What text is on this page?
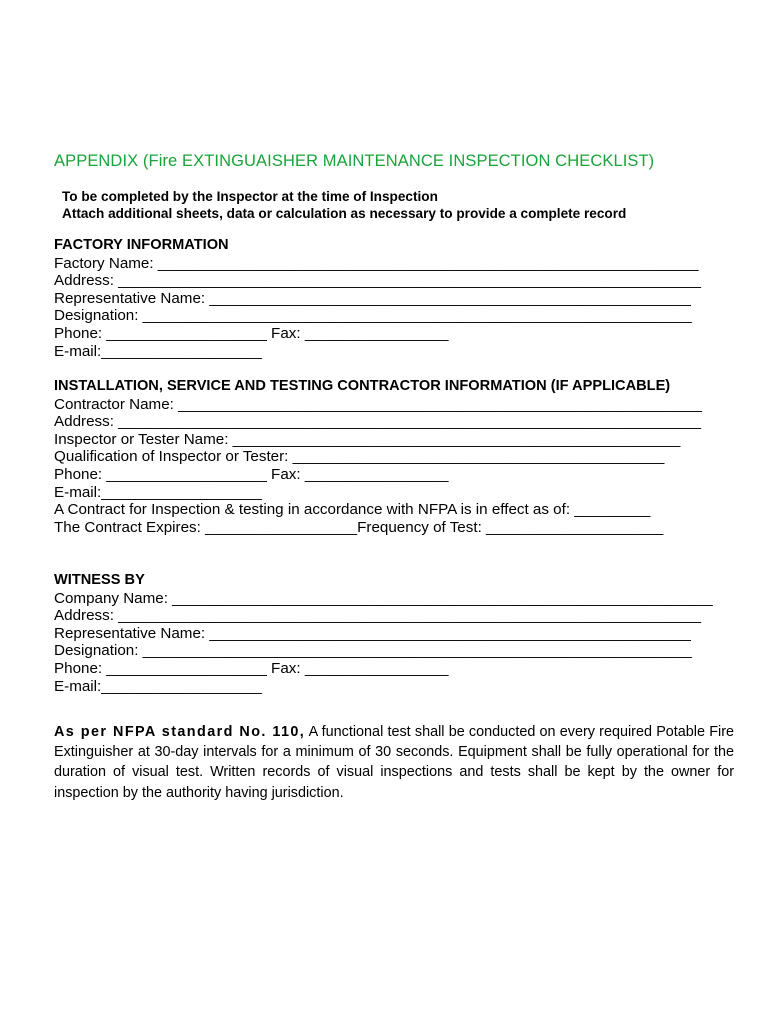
APPENDIX (Fire EXTINGUAISHER MAINTENANCE INSPECTION CHECKLIST)
To be completed by the Inspector at the time of Inspection
Attach additional sheets, data or calculation as necessary to provide a complete record
FACTORY INFORMATION
Factory Name: ________________________________________________________________
Address: _____________________________________________________________________
Representative Name: _________________________________________________________
Designation: _________________________________________________________________
Phone: ___________________ Fax: _________________
E-mail:___________________
INSTALLATION, SERVICE AND TESTING CONTRACTOR INFORMATION (IF APPLICABLE)
Contractor Name: ______________________________________________________________
Address: _____________________________________________________________________
Inspector or Tester Name: _____________________________________________________
Qualification of Inspector or Tester: ____________________________________________
Phone: ___________________ Fax: _________________
E-mail:___________________
A Contract for Inspection & testing in accordance with NFPA is in effect as of: _________
The Contract Expires: __________________Frequency of Test: _____________________
WITNESS BY
Company Name: ________________________________________________________________
Address: _____________________________________________________________________
Representative Name: _________________________________________________________
Designation: _________________________________________________________________
Phone: ___________________ Fax: _________________
E-mail:___________________
As per NFPA standard No. 110, A functional test shall be conducted on every required Potable Fire Extinguisher at 30-day intervals for a minimum of 30 seconds. Equipment shall be fully operational for the duration of visual test. Written records of visual inspections and tests shall be kept by the owner for inspection by the authority having jurisdiction.
